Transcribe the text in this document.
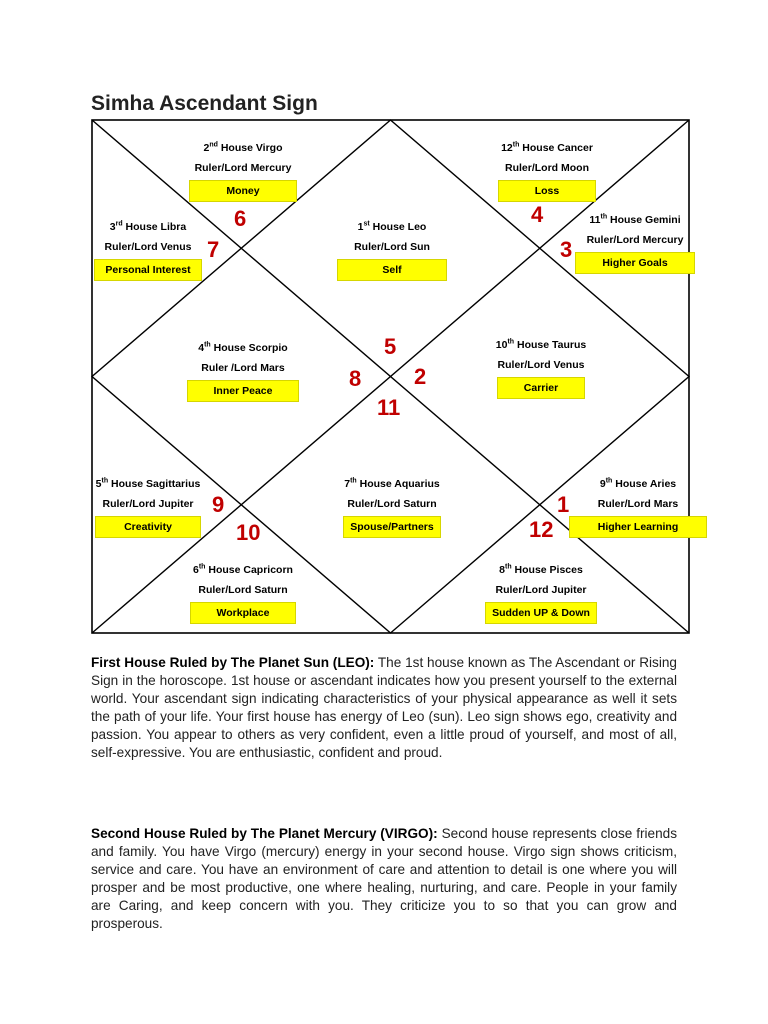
Simha Ascendant Sign
1st House Leo
Ruler/Lord Sun
Self
2nd House Virgo
Ruler/Lord Mercury
Money
3rd House Libra
Ruler/Lord Venus
Personal Interest
4th House Scorpio
Ruler /Lord Mars
Inner Peace
5th House Sagittarius
Ruler/Lord Jupiter
Creativity
6th House Capricorn
Ruler/Lord Saturn
Workplace
7th House Aquarius
Ruler/Lord Saturn
Spouse/Partners
8th House Pisces
Ruler/Lord Jupiter
Sudden UP & Down
9th House Aries
Ruler/Lord Mars
Higher Learning
10th House Taurus
Ruler/Lord Venus
Carrier
11th House Gemini
Ruler/Lord Mercury
Higher Goals
12th House Cancer
Ruler/Lord Moon
Loss
5
6
7
8
9
10
11
12
1
2
3
4
First House Ruled by The Planet Sun (LEO): The 1st house known as The Ascendant or Rising Sign in the horoscope. 1st house or ascendant indicates how you present yourself to the external world. Your ascendant sign indicating characteristics of your physical appearance as well it sets the path of your life. Your first house has energy of Leo (sun). Leo sign shows ego, creativity and passion. You appear to others as very confident, even a little proud of yourself, and most of all, self-expressive. You are enthusiastic, confident and proud.
Second House Ruled by The Planet Mercury (VIRGO): Second house represents close friends and family. You have Virgo (mercury) energy in your second house. Virgo sign shows criticism, service and care. You have an environment of care and attention to detail is one where you will prosper and be most productive, one where healing, nurturing, and care. People in your family are Caring, and keep concern with you. They criticize you to so that you can grow and prosperous.
